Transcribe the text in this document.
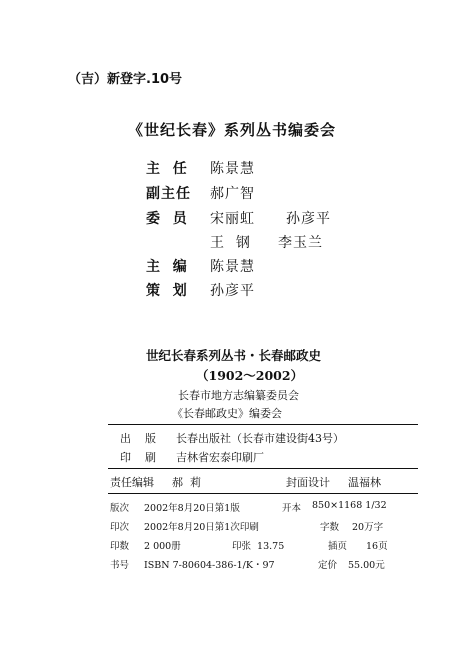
（吉）新登字.10号
《世纪长春》系列丛书编委会
主  任 陈景慧
副主任 郝广智
委  员 宋丽虹 孙彦平
王  钢 李玉兰
主  编 陈景慧
策  划 孙彦平
世纪长春系列丛书・长春邮政史
（1902～2002）
长春市地方志编纂委员会
《长春邮政史》编委会
出    版 长春出版社（长春市建设街43号）
印    刷 吉林省宏泰印刷厂
责任编辑 郝  莉	封面设计 温福林
版次 2002年8月20日第1版	开本 850×1168 1/32
印次 2002年8月20日第1次印刷	字数 20万字
印数 2 000册	印张  13.75	插页 16页
书号 ISBN 7-80604-386-1/K・97	定价 55.00元
